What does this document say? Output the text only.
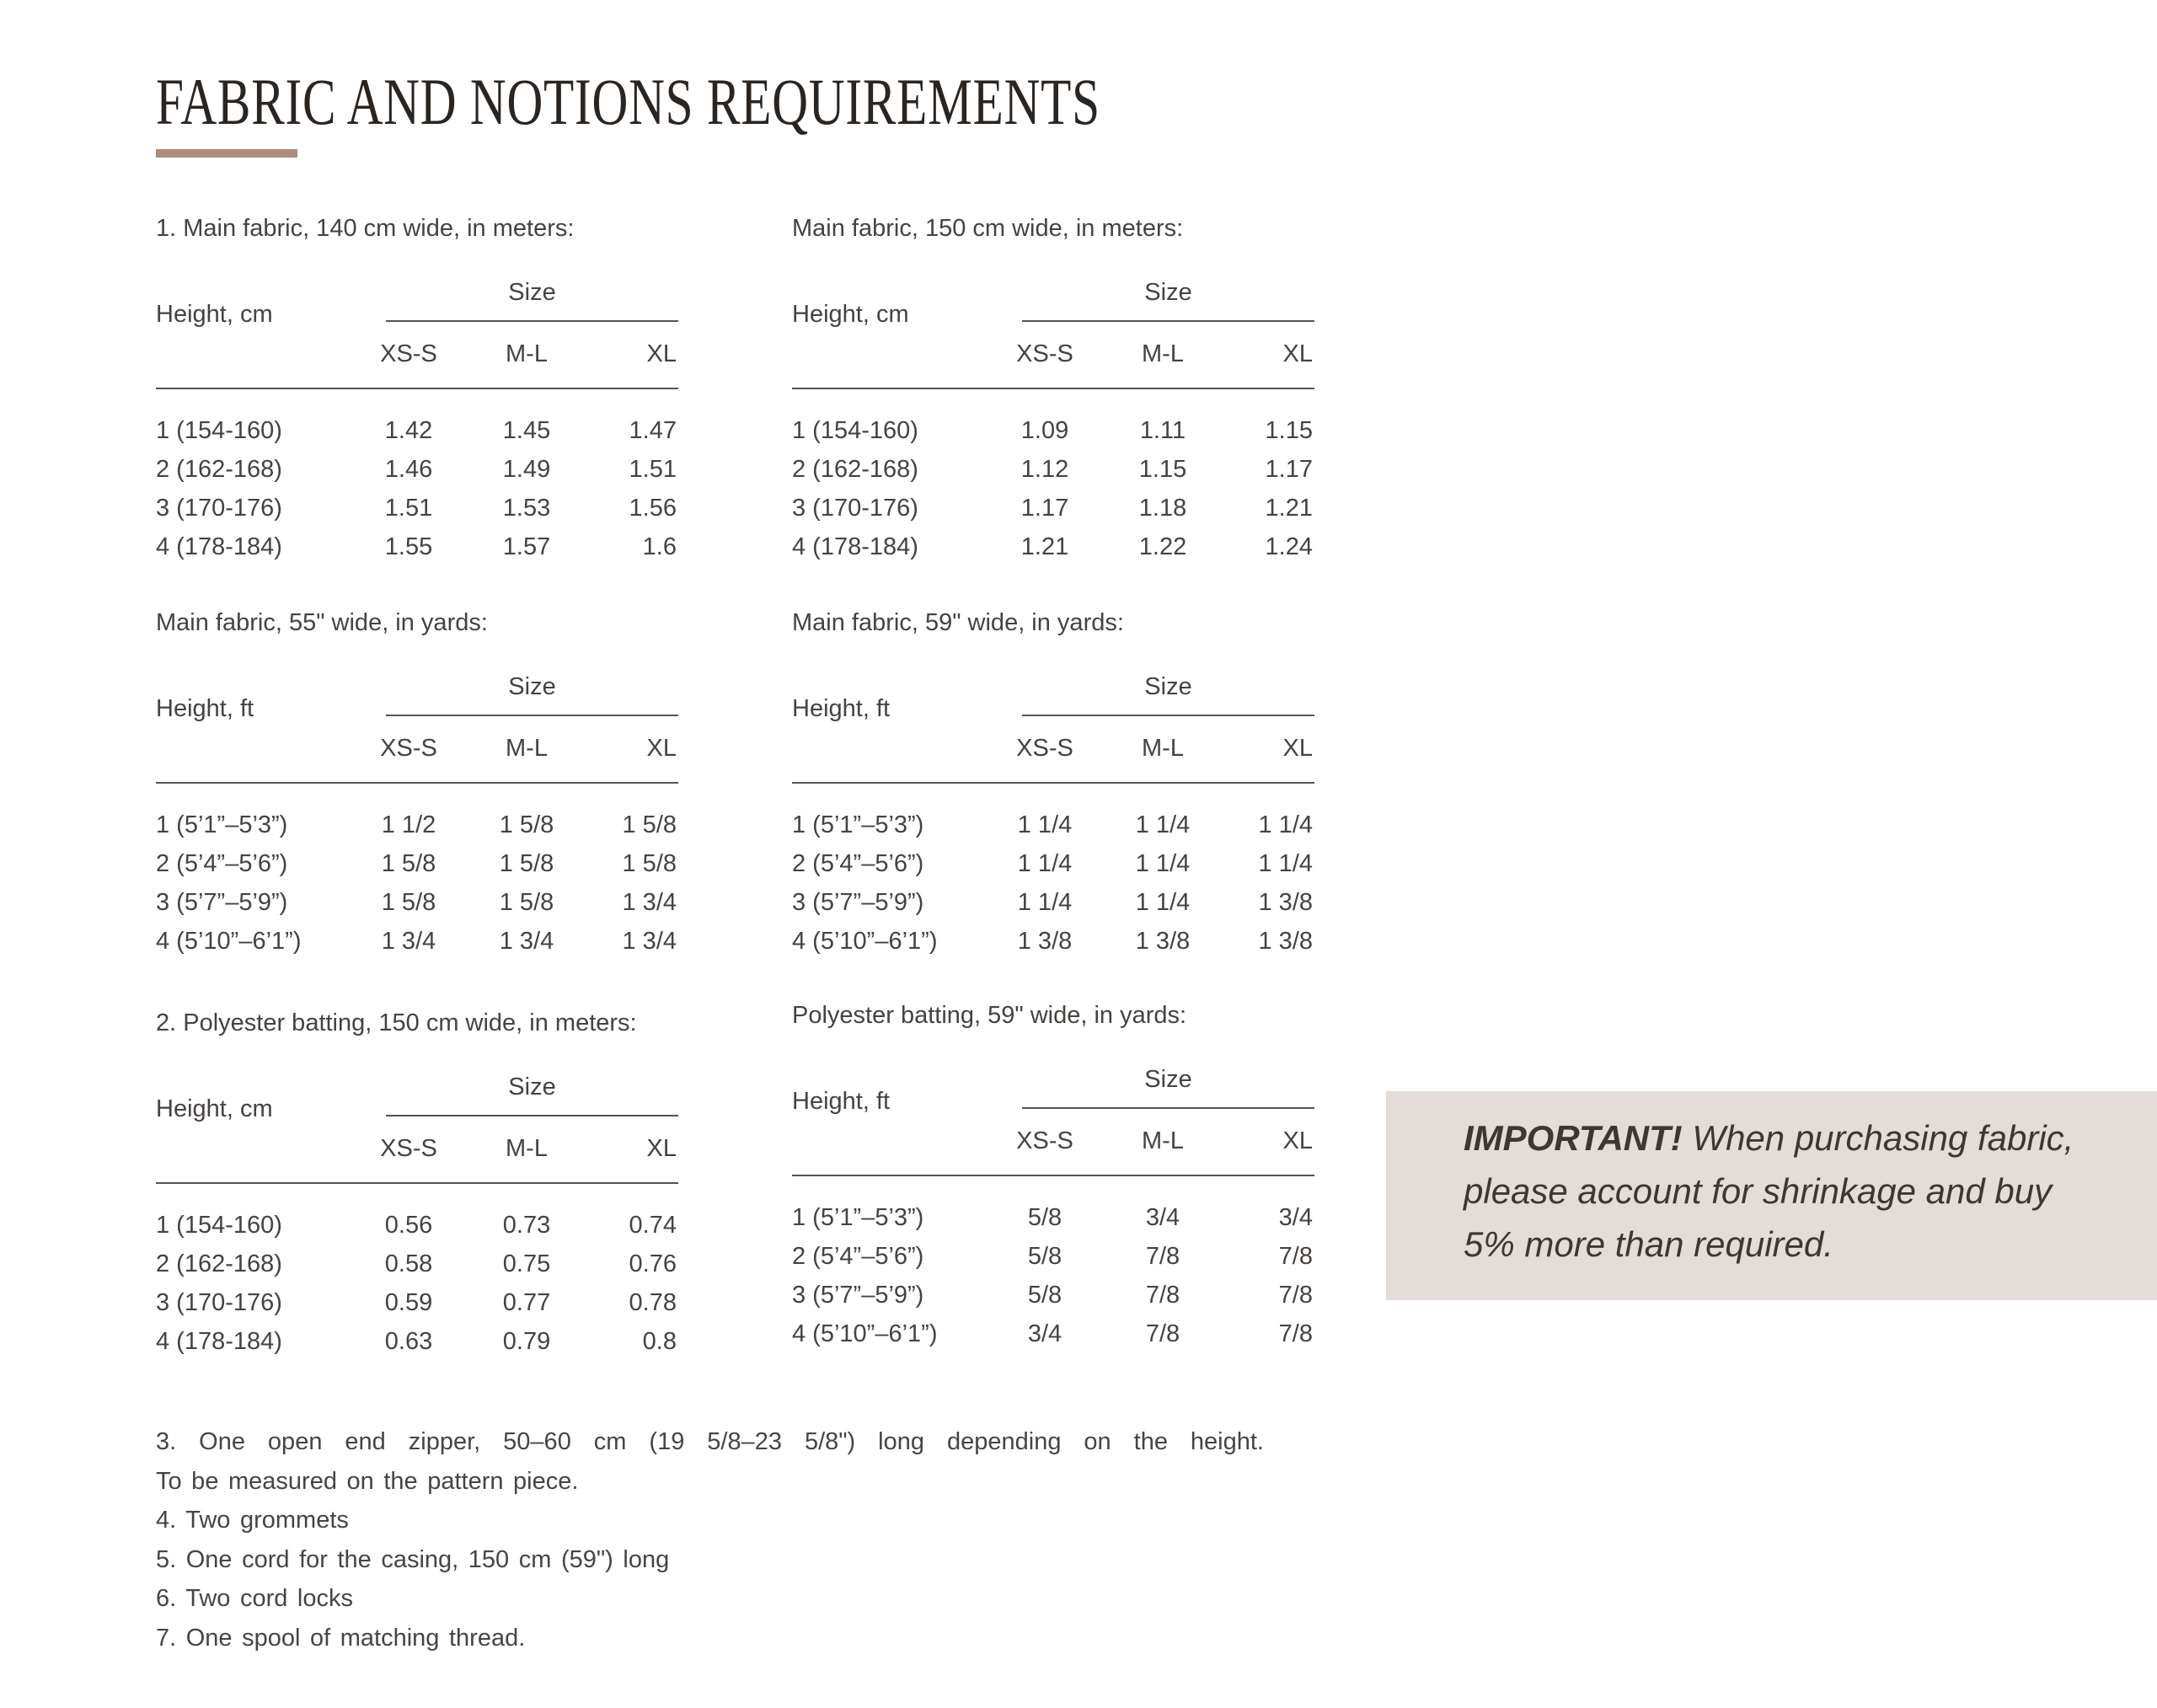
FABRIC AND NOTIONS REQUIREMENTS
1. Main fabric, 140 cm wide, in meters:
Size
Height, cm
XS-S	M-L	XL
1 (154-160)	1.42	1.45	1.47
2 (162-168)	1.46	1.49	1.51
3 (170-176)	1.51	1.53	1.56
4 (178-184)	1.55	1.57	1.6
Main fabric, 150 cm wide, in meters:
Size
Height, cm
XS-S	M-L	XL
1 (154-160)	1.09	1.11	1.15
2 (162-168)	1.12	1.15	1.17
3 (170-176)	1.17	1.18	1.21
4 (178-184)	1.21	1.22	1.24
Main fabric, 55" wide, in yards:
Size
Height, ft
XS-S	M-L	XL
1 (5’1”–5’3”)	1 1/2	1 5/8	1 5/8
2 (5’4”–5’6”)	1 5/8	1 5/8	1 5/8
3 (5’7”–5’9”)	1 5/8	1 5/8	1 3/4
4 (5’10”–6’1”)	1 3/4	1 3/4	1 3/4
Main fabric, 59" wide, in yards:
Size
Height, ft
XS-S	M-L	XL
1 (5’1”–5’3”)	1 1/4	1 1/4	1 1/4
2 (5’4”–5’6”)	1 1/4	1 1/4	1 1/4
3 (5’7”–5’9”)	1 1/4	1 1/4	1 3/8
4 (5’10”–6’1”)	1 3/8	1 3/8	1 3/8
2. Polyester batting, 150 cm wide, in meters:
Size
Height, cm
XS-S	M-L	XL
1 (154-160)	0.56	0.73	0.74
2 (162-168)	0.58	0.75	0.76
3 (170-176)	0.59	0.77	0.78
4 (178-184)	0.63	0.79	0.8
Polyester batting, 59" wide, in yards:
Size
Height, ft
XS-S	M-L	XL
1 (5’1”–5’3”)	5/8	3/4	3/4
2 (5’4”–5’6”)	5/8	7/8	7/8
3 (5’7”–5’9”)	5/8	7/8	7/8
4 (5’10”–6’1”)	3/4	7/8	7/8
IMPORTANT! When purchasing fabric,
please account for shrinkage and buy
5% more than required.
3. One open end zipper, 50–60 cm (19 5/8–23 5/8") long depending on the height.
To be measured on the pattern piece.
4. Two grommets
5. One cord for the casing, 150 cm (59") long
6. Two cord locks
7. One spool of matching thread.
